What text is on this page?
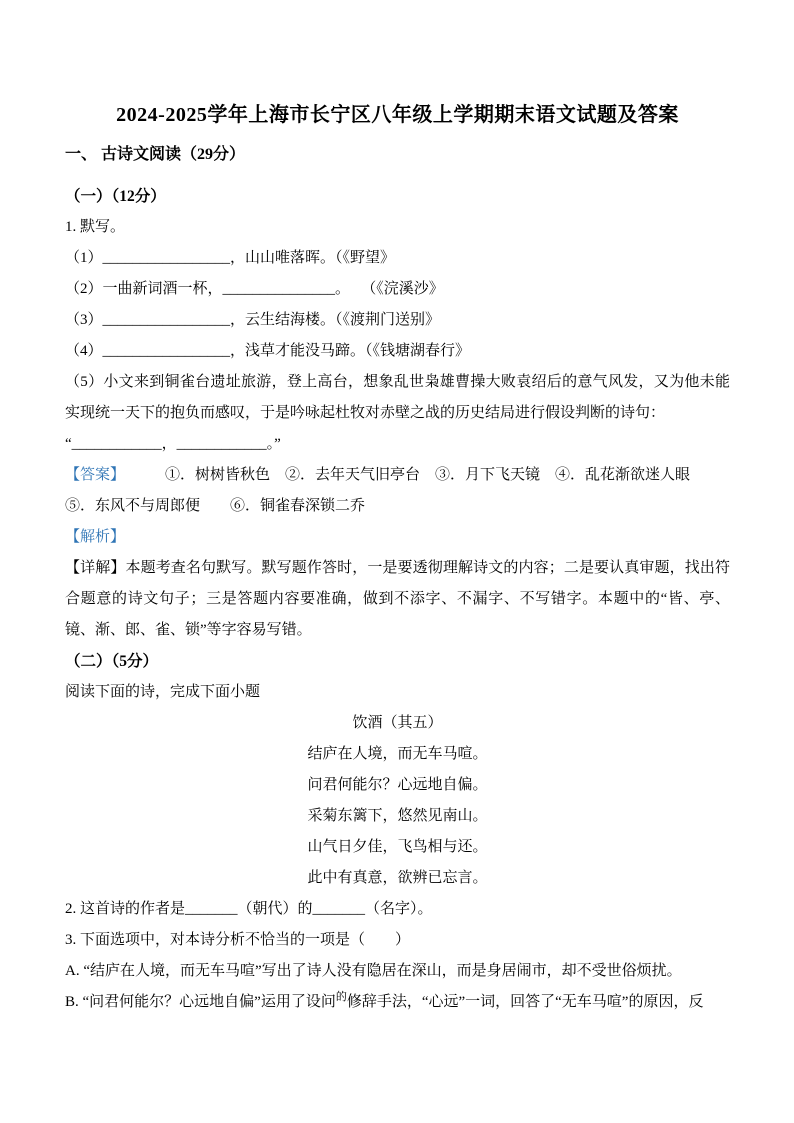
2024-2025学年上海市长宁区八年级上学期期末语文试题及答案
一、 古诗文阅读（29分）
（一）（12分）

1. 默写。

（1）_________________，山山唯落晖。（《野望》

（2）一曲新词酒一杯，_______________。　 （《浣溪沙》

（3）_________________，云生结海楼。（《渡荆门送别》

（4）_________________，浅草才能没马蹄。（《钱塘湖春行》

（5）小文来到铜雀台遗址旅游，登上高台，想象乱世枭雄曹操大败袁绍后的意气风发，又为他未能实现统一天下的抱负而感叹，于是吟咏起杜牧对赤壁之战的历史结局进行假设判断的诗句：

“____________，____________。”

【答案】	①．树树皆秋色　②．去年天气旧亭台　③．月下飞天镜　④．乱花渐欲迷人眼　⑤．东风不与周郎便　　⑥．铜雀春深锁二乔

【解析】

【详解】本题考查名句默写。默写题作答时，一是要透彻理解诗文的内容；二是要认真审题，找出符合题意的诗文句子；三是答题内容要准确，做到不添字、不漏字、不写错字。本题中的“皆、亭、镜、渐、郎、雀、锁”等字容易写错。

（二）（5分）

阅读下面的诗，完成下面小题

饮酒（其五）

结庐在人境，而无车马喧。

问君何能尔？心远地自偏。

采菊东篱下，悠然见南山。

山气日夕佳，飞鸟相与还。

此中有真意，欲辨已忘言。

2. 这首诗的作者是_______（朝代）的_______（名字）。

3. 下面选项中，对本诗分析不恰当的一项是（　　）

A. “结庐在人境，而无车马喧”写出了诗人没有隐居在深山，而是身居闹市，却不受世俗烦扰。

B. “问君何能尔？心远地自偏”运用了设问$^的$修辞手法，“心远”一词，回答了“无车马喧”的原因，反
